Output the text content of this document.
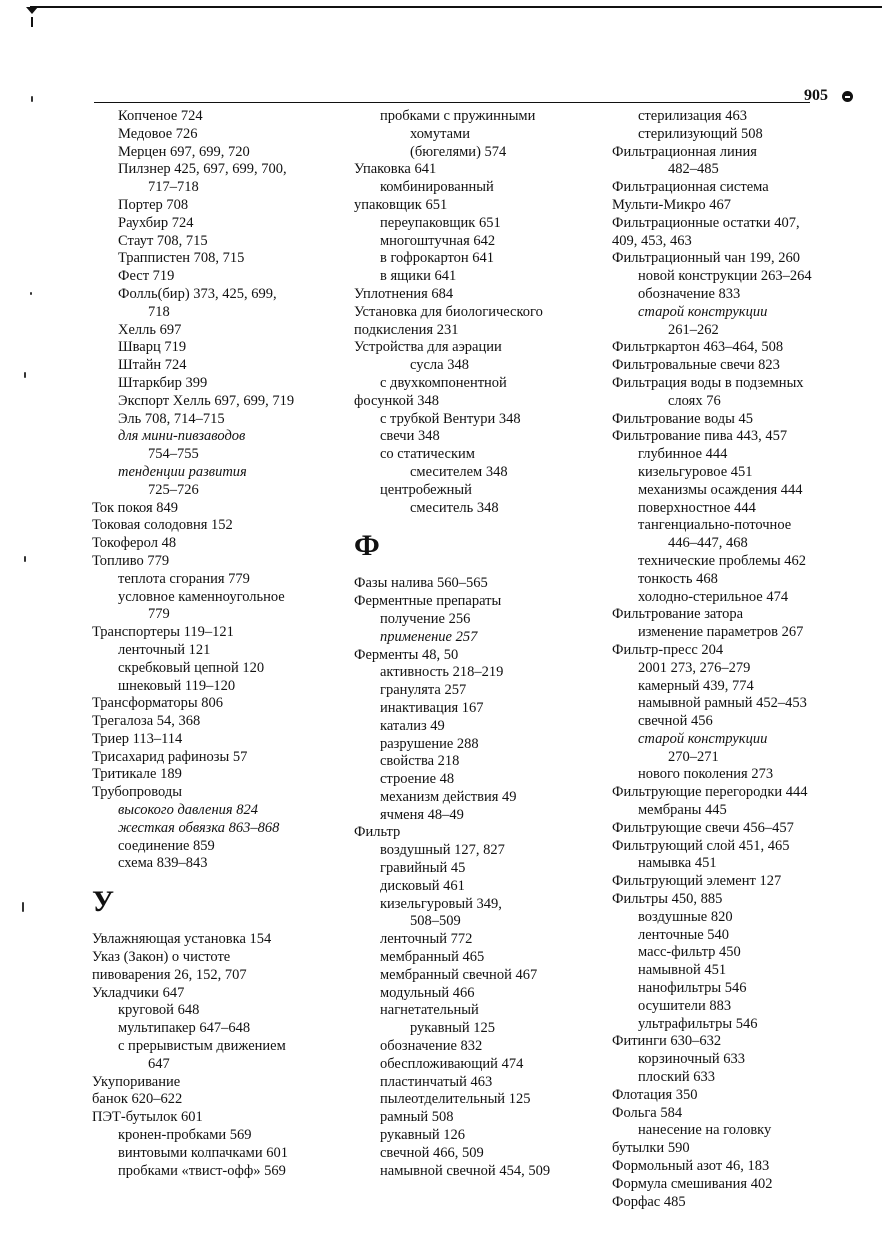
905
Копченое 724
Медовое 726
Мерцен 697, 699, 720
Пилзнер 425, 697, 699, 700,
717–718
Портер 708
Раухбир 724
Стаут 708, 715
Траппистен 708, 715
Фест 719
Фолль(бир) 373, 425, 699,
718
Хелль 697
Шварц 719
Штайн 724
Штаркбир 399
Экспорт Хелль 697, 699, 719
Эль 708, 714–715
для мини-пивзаводов
754–755
тенденции развития
725–726
Ток покоя 849
Токовая солодовня 152
Токоферол 48
Топливо 779
теплота сгорания 779
условное каменноугольное
779
Транспортеры 119–121
ленточный 121
скребковый цепной 120
шнековый 119–120
Трансформаторы 806
Трегалоза 54, 368
Триер 113–114
Трисахарид рафинозы 57
Тритикале 189
Трубопроводы
высокого давления 824
жесткая обвязка 863–868
соединение 859
схема 839–843
У
Увлажняющая установка 154
Указ (Закон) о чистоте
пивоварения 26, 152, 707
Укладчики 647
круговой 648
мультипакер 647–648
с прерывистым движением
647
Укупоривание
банок 620–622
ПЭТ-бутылок 601
кронен-пробками 569
винтовыми колпачками 601
пробками «твист-офф» 569
пробками с пружинными
хомутами
(бюгелями) 574
Упаковка 641
комбинированный
упаковщик 651
переупаковщик 651
многоштучная 642
в гофрокартон 641
в ящики 641
Уплотнения 684
Установка для биологического
подкисления 231
Устройства для аэрации
сусла 348
с двухкомпонентной
фосункой 348
с трубкой Вентури 348
свечи 348
со статическим
смесителем 348
центробежный
смеситель 348
Ф
Фазы налива 560–565
Ферментные препараты
получение 256
применение 257
Ферменты 48, 50
активность 218–219
гранулята 257
инактивация 167
катализ 49
разрушение 288
свойства 218
строение 48
механизм действия 49
ячменя 48–49
Фильтр
воздушный 127, 827
гравийный 45
дисковый 461
кизельгуровый 349,
508–509
ленточный 772
мембранный 465
мембранный свечной 467
модульный 466
нагнетательный
рукавный 125
обозначение 832
обеспложивающий 474
пластинчатый 463
пылеотделительный 125
рамный 508
рукавный 126
свечной 466, 509
намывной свечной 454, 509
стерилизация 463
стерилизующий 508
Фильтрационная линия
482–485
Фильтрационная система
Мульти-Микро 467
Фильтрационные остатки 407,
409, 453, 463
Фильтрационный чан 199, 260
новой конструкции 263–264
обозначение 833
старой конструкции
261–262
Фильтркартон 463–464, 508
Фильтровальные свечи 823
Фильтрация воды в подземных
слоях 76
Фильтрование воды 45
Фильтрование пива 443, 457
глубинное 444
кизельгуровое 451
механизмы осаждения 444
поверхностное 444
тангенциально-поточное
446–447, 468
технические проблемы 462
тонкость 468
холодно-стерильное 474
Фильтрование затора
изменение параметров 267
Фильтр-пресс 204
2001 273, 276–279
камерный 439, 774
намывной рамный 452–453
свечной 456
старой конструкции
270–271
нового поколения 273
Фильтрующие перегородки 444
мембраны 445
Фильтрующие свечи 456–457
Фильтрующий слой 451, 465
намывка 451
Фильтрующий элемент 127
Фильтры 450, 885
воздушные 820
ленточные 540
масс-фильтр 450
намывной 451
нанофильтры 546
осушители 883
ультрафильтры 546
Фитинги 630–632
корзиночный 633
плоский 633
Флотация 350
Фольга 584
нанесение на головку
бутылки 590
Формольный азот 46, 183
Формула смешивания 402
Форфас 485
